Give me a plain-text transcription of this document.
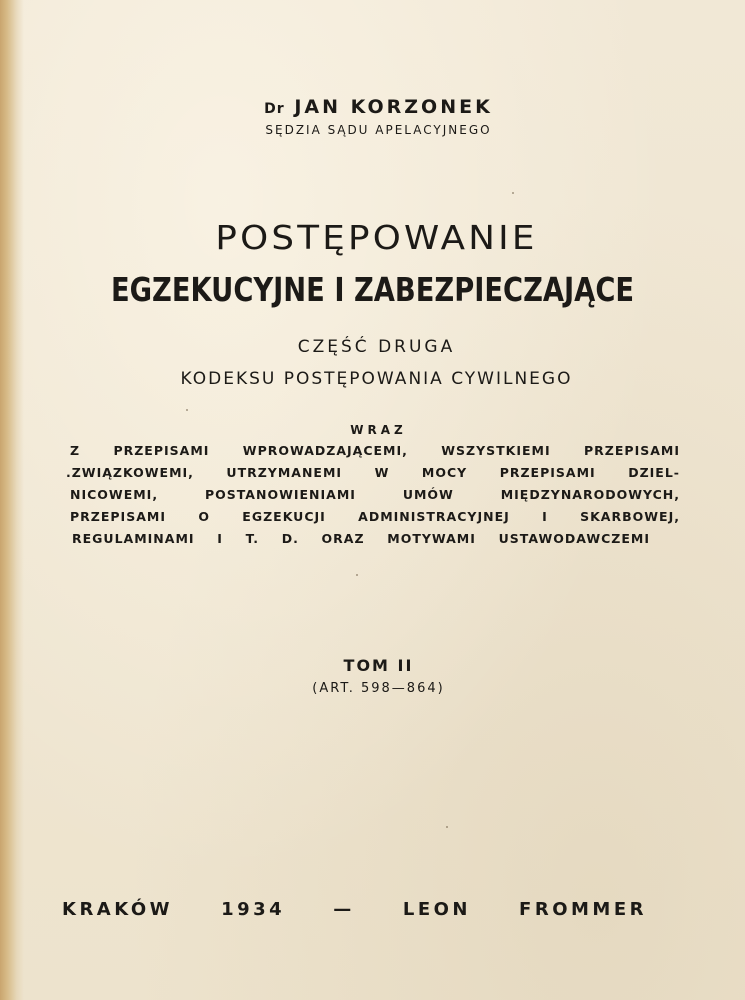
Dr JAN KORZONEK
SĘDZIA SĄDU APELACYJNEGO
POSTĘPOWANIE
EGZEKUCYJNE I ZABEZPIECZAJĄCE
CZĘŚĆ DRUGA
KODEKSU POSTĘPOWANIA CYWILNEGO
WRAZ
Z PRZEPISAMI WPROWADZAJĄCEMI, WSZYSTKIEMI PRZEPISAMI
.ZWIĄZKOWEMI, UTRZYMANEMI W MOCY PRZEPISAMI DZIEL-
NICOWEMI, POSTANOWIENIAMI UMÓW MIĘDZYNARODOWYCH,
PRZEPISAMI O EGZEKUCJI ADMINISTRACYJNEJ I SKARBOWEJ,
REGULAMINAMI I T. D. ORAZ MOTYWAMI USTAWODAWCZEMI
TOM II
(ART. 598—864)
KRAKÓW 1934 — LEON FROMMER
